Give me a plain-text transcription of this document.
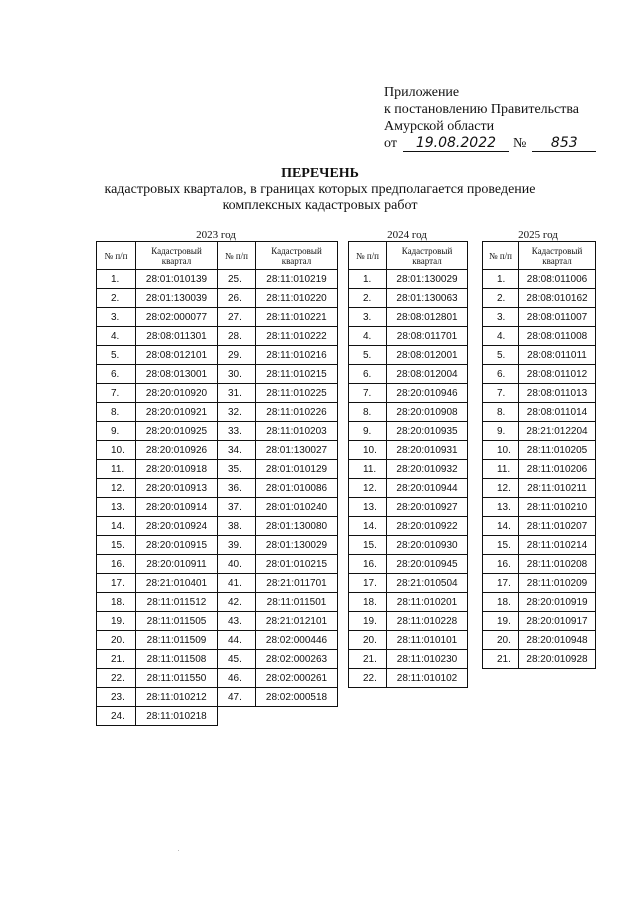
Приложение
к постановлению Правительства
Амурской области
от	19.08.2022	№	853
ПЕРЕЧЕНЬ
кадастровых кварталов, в границах которых предполагается проведение
комплексных кадастровых работ
2023 год
№ п/п	Кадастровый квартал	№ п/п	Кадастровый квартал
1.	28:01:010139	25.	28:11:010219
2.	28:01:130039	26.	28:11:010220
3.	28:02:000077	27.	28:11:010221
4.	28:08:011301	28.	28:11:010222
5.	28:08:012101	29.	28:11:010216
6.	28:08:013001	30.	28:11:010215
7.	28:20:010920	31.	28:11:010225
8.	28:20:010921	32.	28:11:010226
9.	28:20:010925	33.	28:11:010203
10.	28:20:010926	34.	28:01:130027
11.	28:20:010918	35.	28:01:010129
12.	28:20:010913	36.	28:01:010086
13.	28:20:010914	37.	28:01:010240
14.	28:20:010924	38.	28:01:130080
15.	28:20:010915	39.	28:01:130029
16.	28:20:010911	40.	28:01:010215
17.	28:21:010401	41.	28:21:011701
18.	28:11:011512	42.	28:11:011501
19.	28:11:011505	43.	28:21:012101
20.	28:11:011509	44.	28:02:000446
21.	28:11:011508	45.	28:02:000263
22.	28:11:011550	46.	28:02:000261
23.	28:11:010212	47.	28:02:000518
24.	28:11:010218		
2024 год
№ п/п	Кадастровый квартал
1.	28:01:130029
2.	28:01:130063
3.	28:08:012801
4.	28:08:011701
5.	28:08:012001
6.	28:08:012004
7.	28:20:010946
8.	28:20:010908
9.	28:20:010935
10.	28:20:010931
11.	28:20:010932
12.	28:20:010944
13.	28:20:010927
14.	28:20:010922
15.	28:20:010930
16.	28:20:010945
17.	28:21:010504
18.	28:11:010201
19.	28:11:010228
20.	28:11:010101
21.	28:11:010230
22.	28:11:010102
2025 год
№ п/п	Кадастровый квартал
1.	28:08:011006
2.	28:08:010162
3.	28:08:011007
4.	28:08:011008
5.	28:08:011011
6.	28:08:011012
7.	28:08:011013
8.	28:08:011014
9.	28:21:012204
10.	28:11:010205
11.	28:11:010206
12.	28:11:010211
13.	28:11:010210
14.	28:11:010207
15.	28:11:010214
16.	28:11:010208
17.	28:11:010209
18.	28:20:010919
19.	28:20:010917
20.	28:20:010948
21.	28:20:010928
